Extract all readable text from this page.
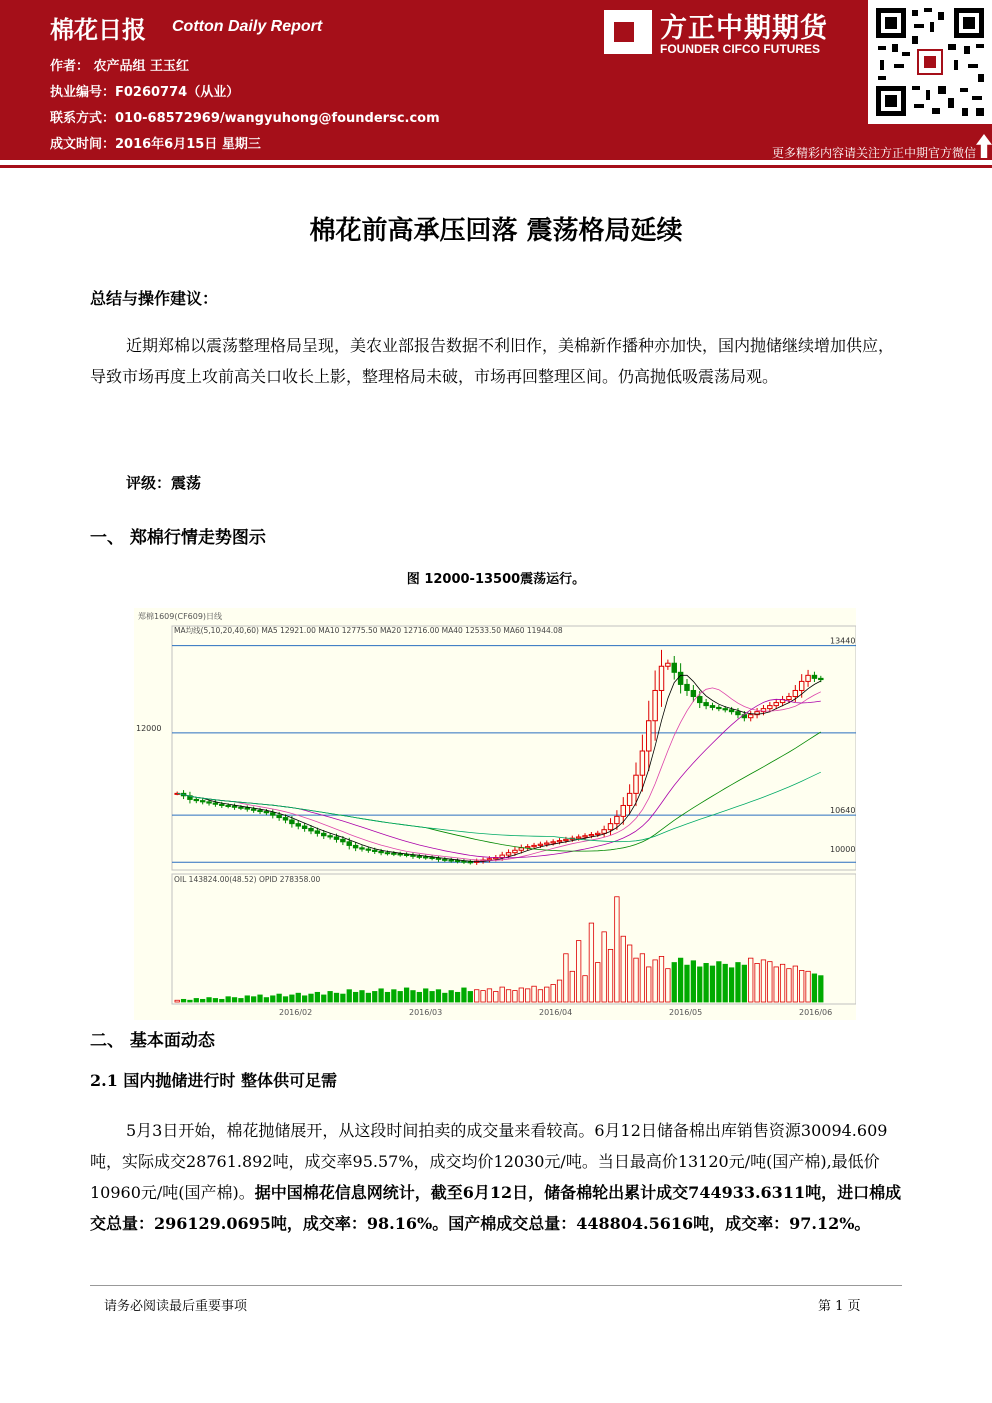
棉花日报 Cotton Daily Report
作者： 农产品组 王玉红
执业编号：F0260774（从业）
联系方式：010-68572969/wangyuhong@foundersc.com
成文时间：2016年6月15日 星期三
方正中期期货
FOUNDER CIFCO FUTURES
更多精彩内容请关注方正中期官方微信
棉花前高承压回落 震荡格局延续
总结与操作建议：
近期郑棉以震荡整理格局呈现，美农业部报告数据不利旧作，美棉新作播种亦加快，国内抛储继续增加供应，导致市场再度上攻前高关口收长上影，整理格局未破，市场再回整理区间。仍高抛低吸震荡局观。
评级：震荡
一、 郑棉行情走势图示
图 12000-13500震荡运行。
郑棉1609(CF609)日线
MA均线(5,10,20,40,60) MA5 12921.00 MA10 12775.50 MA20 12716.00 MA40 12533.50 MA60 11944.08
OIL 143824.00(48.52) OPID 278358.00
13440
12000
10640
10000
2016/02	2016/03	2016/04	2016/05	2016/06
二、 基本面动态
2.1 国内抛储进行时 整体供可足需
5月3日开始，棉花抛储展开，从这段时间拍卖的成交量来看较高。6月12日储备棉出库销售资源30094.609吨，实际成交28761.892吨，成交率95.57%，成交均价12030元/吨。当日最高价13120元/吨(国产棉),最低价10960元/吨(国产棉)。据中国棉花信息网统计，截至6月12日，储备棉轮出累计成交744933.6311吨，进口棉成交总量：296129.0695吨，成交率：98.16%。国产棉成交总量：448804.5616吨，成交率：97.12%。
请务必阅读最后重要事项	第 1 页
